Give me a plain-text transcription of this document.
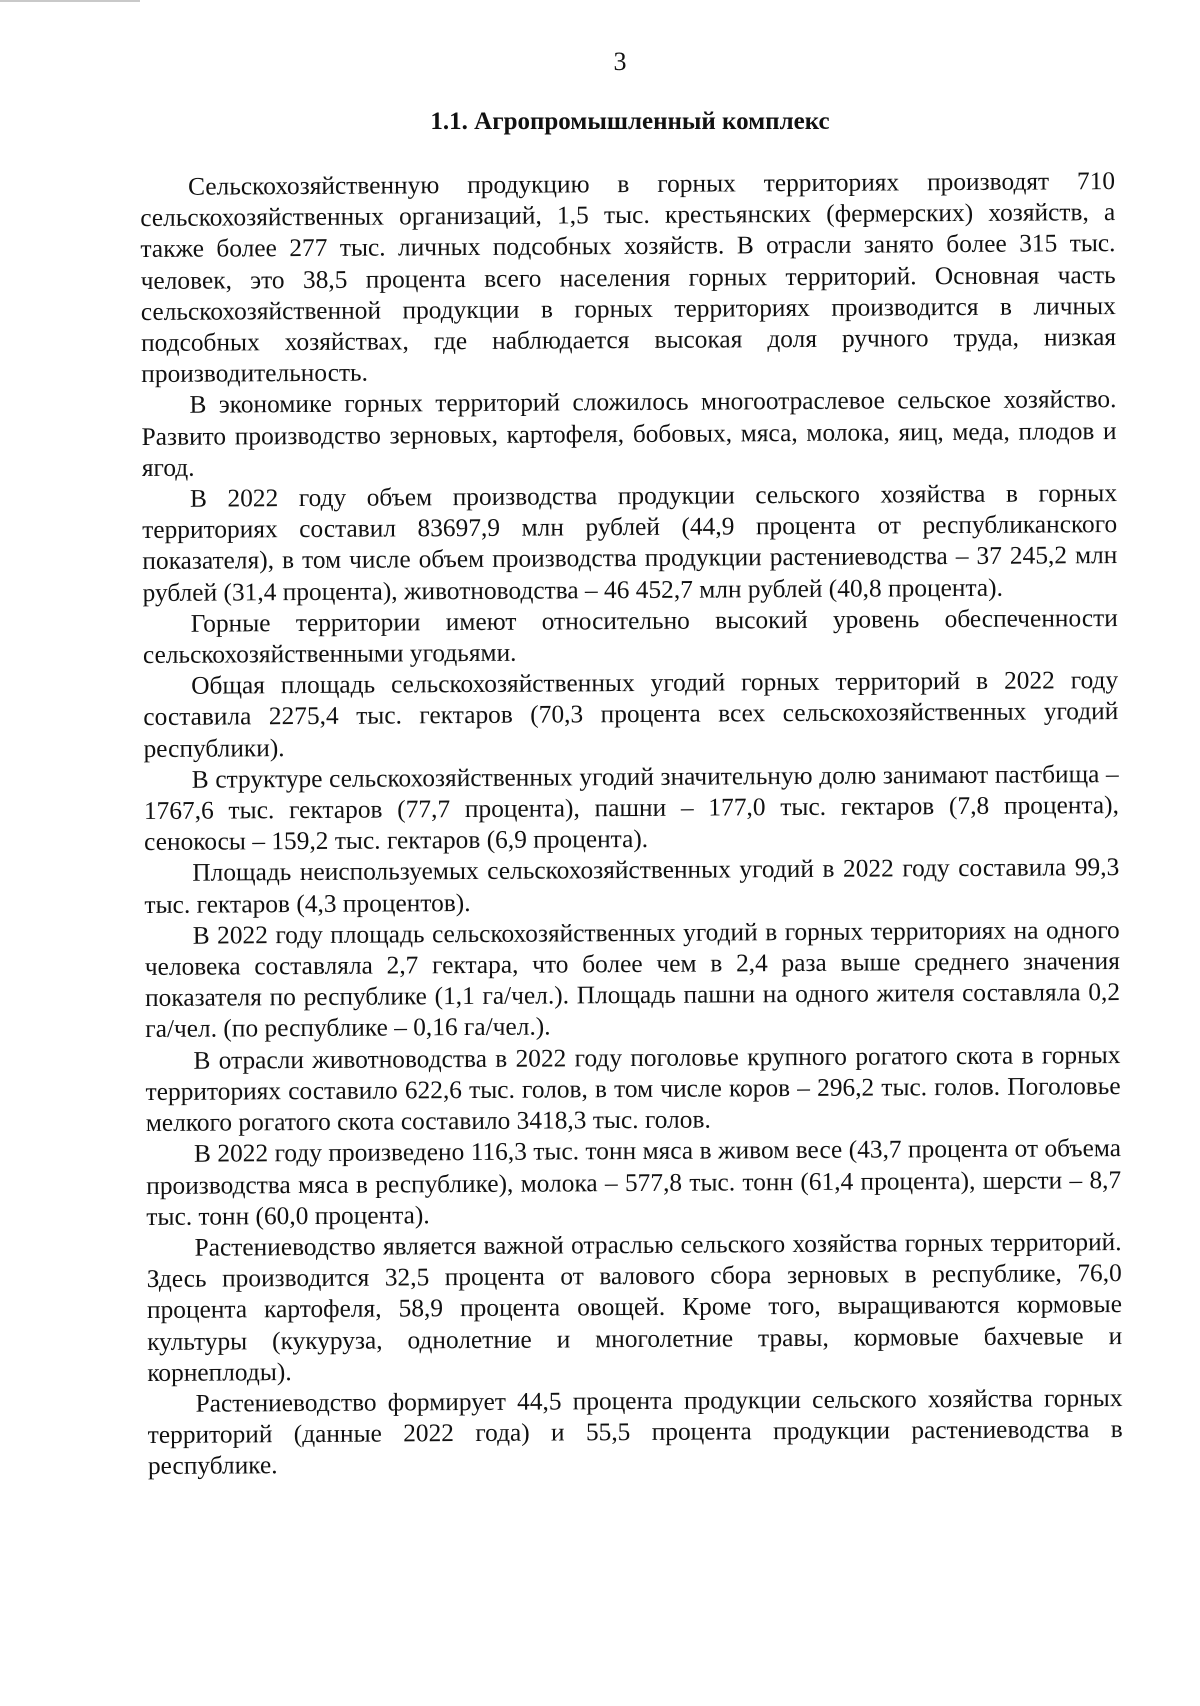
3
1.1. Агропромышленный комплекс

Сельскохозяйственную продукцию в горных территориях производят 710 сельскохозяйственных организаций, 1,5 тыс. крестьянских (фермерских) хозяйств, а также более 277 тыс. личных подсобных хозяйств. В отрасли занято более 315 тыс. человек, это 38,5 процента всего населения горных территорий. Основная часть сельскохозяйственной продукции в горных территориях производится в личных подсобных хозяйствах, где наблюдается высокая доля ручного труда, низкая производительность.

В экономике горных территорий сложилось многоотраслевое сельское хозяйство. Развито производство зерновых, картофеля, бобовых, мяса, молока, яиц, меда, плодов и ягод.

В 2022 году объем производства продукции сельского хозяйства в горных территориях составил 83697,9 млн рублей (44,9 процента от республиканского показателя), в том числе объем производства продукции растениеводства – 37 245,2 млн рублей (31,4 процента), животноводства – 46 452,7 млн рублей (40,8 процента).

Горные территории имеют относительно высокий уровень обеспеченности сельскохозяйственными угодьями.

Общая площадь сельскохозяйственных угодий горных территорий в 2022 году составила 2275,4 тыс. гектаров (70,3 процента всех сельскохозяйственных угодий республики).

В структуре сельскохозяйственных угодий значительную долю занимают пастбища – 1767,6 тыс. гектаров (77,7 процента), пашни – 177,0 тыс. гектаров (7,8 процента), сенокосы – 159,2 тыс. гектаров (6,9 процента).

Площадь неиспользуемых сельскохозяйственных угодий в 2022 году составила 99,3 тыс. гектаров (4,3 процентов).

В 2022 году площадь сельскохозяйственных угодий в горных территориях на одного человека составляла 2,7 гектара, что более чем в 2,4 раза выше среднего значения показателя по республике (1,1 га/чел.). Площадь пашни на одного жителя составляла 0,2 га/чел. (по республике – 0,16 га/чел.).

В отрасли животноводства в 2022 году поголовье крупного рогатого скота в горных территориях составило 622,6 тыс. голов, в том числе коров – 296,2 тыс. голов. Поголовье мелкого рогатого скота составило 3418,3 тыс. голов.

В 2022 году произведено 116,3 тыс. тонн мяса в живом весе (43,7 процента от объема производства мяса в республике), молока – 577,8 тыс. тонн (61,4 процента), шерсти – 8,7 тыс. тонн (60,0 процента).

Растениеводство является важной отраслью сельского хозяйства горных территорий. Здесь производится 32,5 процента от валового сбора зерновых в республике, 76,0 процента картофеля, 58,9 процента овощей. Кроме того, выращиваются кормовые культуры (кукуруза, однолетние и многолетние травы, кормовые бахчевые и корнеплоды).

Растениеводство формирует 44,5 процента продукции сельского хозяйства горных территорий (данные 2022 года) и 55,5 процента продукции растениеводства в республике.
